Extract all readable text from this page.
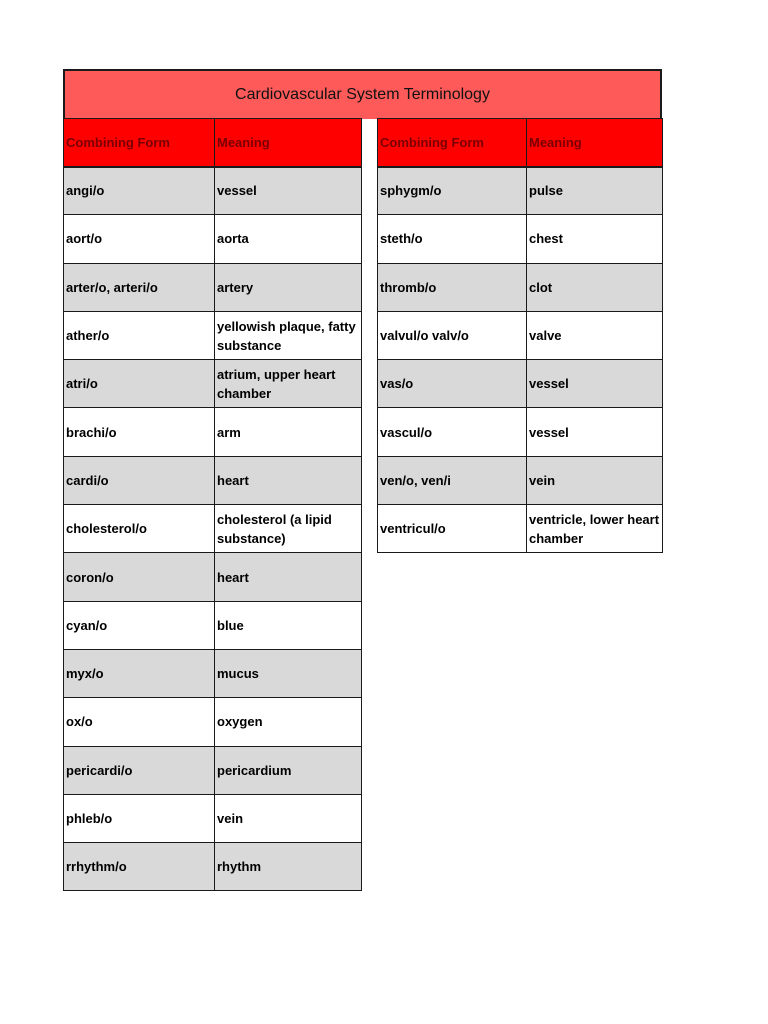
Cardiovascular System Terminology
Combining Form	Meaning
angi/o	vessel
aort/o	aorta
arter/o, arteri/o	artery
ather/o	yellowish plaque, fatty substance
atri/o	atrium, upper heart chamber
brachi/o	arm
cardi/o	heart
cholesterol/o	cholesterol (a lipid substance)
coron/o	heart
cyan/o	blue
myx/o	mucus
ox/o	oxygen
pericardi/o	pericardium
phleb/o	vein
rrhythm/o	rhythm
Combining Form	Meaning
sphygm/o	pulse
steth/o	chest
thromb/o	clot
valvul/o valv/o	valve
vas/o	vessel
vascul/o	vessel
ven/o, ven/i	vein
ventricul/o	ventricle, lower heart chamber
